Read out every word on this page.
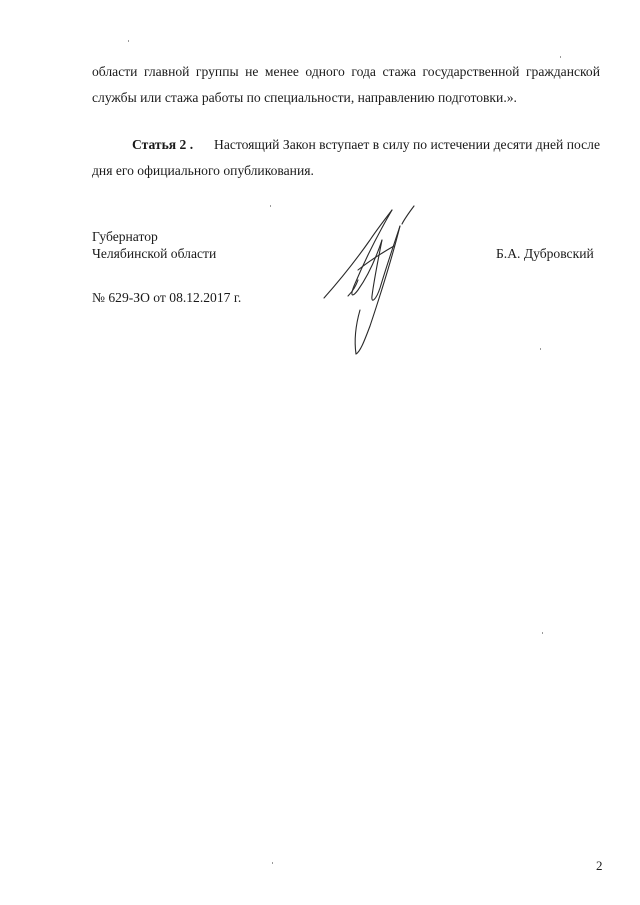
области главной группы не менее одного года стажа государственной гражданской
службы или стажа работы по специальности, направлению подготовки.».
Статья 2 . Настоящий Закон вступает в силу по истечении десяти дней после
дня его официального опубликования.
Губернатор
Челябинской области	Б.А. Дубровский
№ 629-ЗО от 08.12.2017 г.
2
